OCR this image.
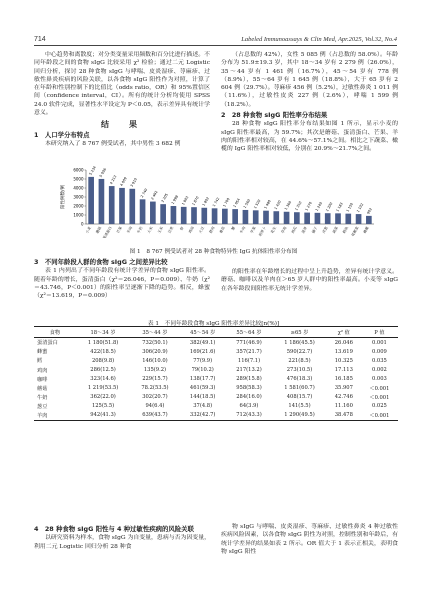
714	Labeled Immunoassays & Clin Med, Apr.2025, Vol.32, No.4

中心趋势和离散度；对分类变量采用频数和百分比进行描述。不同年龄段之间的食物 sIgG 比较采用 χ² 检验；通过二元 Logistic 回归分析，探讨 28 种食物 sIgG 与哮喘、皮炎湿疹、荨麻疹、过敏性鼻炎疾病的风险关联，以各食物 sIgG 阳性作为对照，计算了在年龄和性别控制下的比值比（odds ratio，OR）和 95%置信区间（confidence interval，CI）。所有的统计分析均使用 SPSS 24.0 软件完成，显著性水平设定为 P＜0.05，表示差异具有统计学意义。

结　果
1　人口学分布特点

本研究纳入了 8 767 例受试者，其中男性 3 682 例

（占总数的 42%），女性 5 085 例（占总数的 58.0%）。年龄分布为 51.9±19.3 岁，其中 18～34 岁有 2 279 例（26.0%），35～44 岁有 1 461 例（16.7%），45～54 岁有 778 例（8.9%），55～64 岁有 1 645 例（18.8%），大于 65 岁有 2 604 例（29.7%）。荨麻疹 456 例（5.2%），过敏性鼻炎 1 011 例（11.6%），过敏性皮炎 227 例（2.6%），哮喘 1 599 例（18.2%）。

2　28 种食物 sIgG 阳性率分布结果

28 种食物 sIgG 阳性率分布结果如图 1 所示，显示小麦的 sIgG 阳性率最高，为 59.7%；其次是蘑菇、蛋清蛋白、芒果、羊肉的阳性率相对较高，在 44.6%～57.1%之间。相比之下蔬菜、橄榄的 IgG 阳性率相对较低，分别在 20.9%～21.7%之间。

阳性例数/例
0
1000
2000
3000
4000
5000
6000 5 234
小麦
5 006
蘑菇
4 213
蛋清蛋白
4 009
芒果
3 910
羊肉
2 740
牛奶
2 492
大米
2 205
玉米
1 998
豆类
1 903
虾
1 870
鸡肉
1 802
大豆
1 742
猪肉
1 700
番茄
1 654
蟹
1 560
牛肉
1 520
苹果
1 480
胡萝卜
1 420
花生
1 360
草莓
1 310
西瓜
1 270
菠萝
1 240
橘子
1 200
洋葱
1 183
蔬菜
1 150
鳕鱼
1 102
花椰菜
902
橄榄
图 1　8 767 例受试者对 28 种食物特异性 IgG 抗体阳性率分布图
3　不同年龄段人群的食物 sIgG 之间差异比较

表 1 内列出了不同年龄段有统计学差异的食物 sIgG 阳性率。随着年龄的增长，蛋清蛋白（χ²＝26.046，P＝0.009）、牛奶（χ²＝43.746，P＜0.001）的阳性率呈逐渐下降的趋势。相反，蜂蜜（χ²＝13.619，P＝0.009）

的阳性率在年龄增长的过程中呈上升趋势，差异有统计学意义。蘑菇、咖啡以及羊肉在＞65 岁人群中的阳性率最高。小麦等 sIgG 在各年龄段间阳性率无统计学差异。

表 1　不同年龄段食物 sIgG 阳性率差异比较[n(%)]
食物	18～34 岁	35～44 岁	45～54 岁	55～64 岁	≥65 岁	χ² 值	P 值
蛋清蛋白	1 180(51.8)	732(50.1)	382(49.1)	771(46.9)	1 186(45.5)	26.046	0.001
蜂蜜	422(18.5)	306(20.9)	169(21.6)	357(21.7)	590(22.7)	13.619	0.009
鳕	208(9.8)	146(10.0)	77(9.9)	116(7.1)	221(8.5)	10.325	0.035
鸡肉	286(12.5)	135(9.2)	79(10.2)	217(13.2)	273(10.5)	17.113	0.002
咖啡	323(14.6)	229(15.7)	138(17.7)	289(15.8)	476(18.3)	16.185	0.003
蘑菇	1 219(53.5)	78.2(53.5)	461(59.3)	958(58.3)	1 581(60.7)	35.907	＜0.001
牛奶	362(22.0)	302(20.7)	144(18.5)	284(16.0)	408(15.7)	42.746	＜0.001
葱豆	125(5.5)	94(6.4)	37(4.8)	64(3.9)	141(5.5)	11.160	0.025
羊肉	942(41.3)	639(43.7)	332(42.7)	712(43.3)	1 290(49.5)	38.478	＜0.001
4　28 种食物 sIgG 阳性与 4 种过敏性疾病的风险关联

以研究资料为样本，食物 sIgG 为自变量，患病与否为因变量，利用二元 Logistic 回归分析 28 种食

物 sIgG 与哮喘、皮炎湿疹、荨麻疹、过敏性鼻炎 4 种过敏性疾病风险因素，以各食物 sIgG 阴性为对照，控制性别和年龄后，有统计学差异的结果如表 2 所示。OR 值大于 1 表示正相关，表明食物 sIgG 阳性
